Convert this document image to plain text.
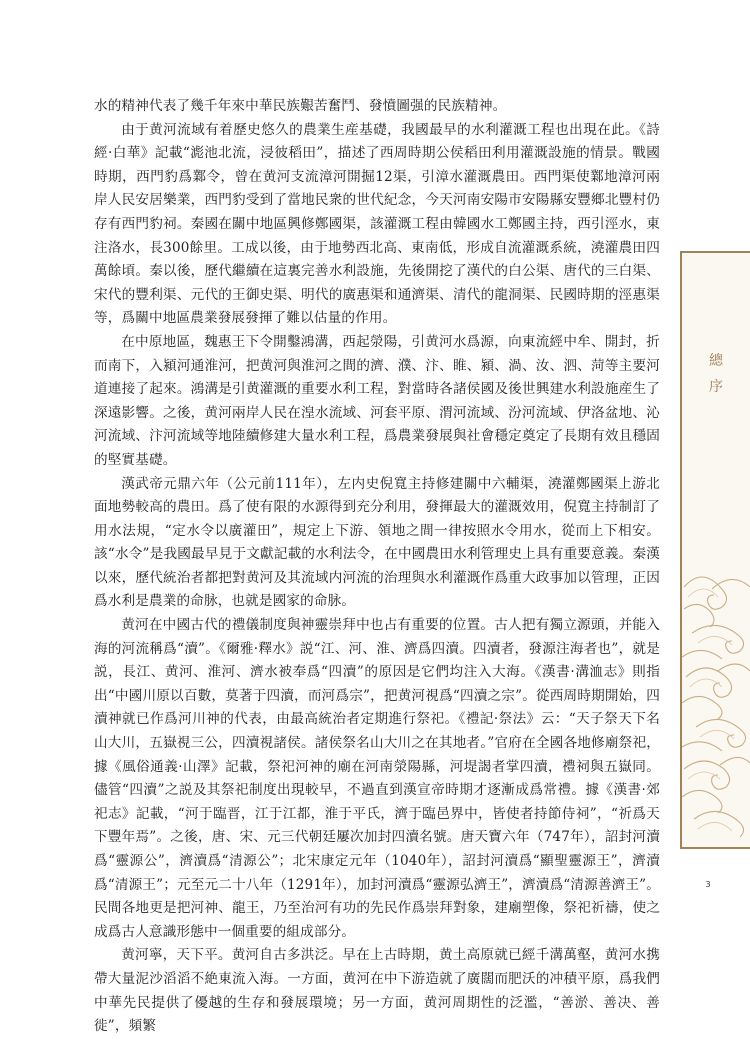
水的精神代表了幾千年來中華民族艱苦奮鬥、發憤圖强的民族精神。

由于黄河流域有着歷史悠久的農業生産基礎，我國最早的水利灌溉工程也出現在此。《詩經·白華》記載“滮池北流，浸彼稻田”，描述了西周時期公侯稻田利用灌溉設施的情景。戰國時期，西門豹爲鄴令，曾在黄河支流漳河開掘12渠，引漳水灌溉農田。西門渠使鄴地漳河兩岸人民安居樂業，西門豹受到了當地民衆的世代紀念，今天河南安陽市安陽縣安豐鄉北豐村仍存有西門豹祠。秦國在關中地區興修鄭國渠，該灌溉工程由韓國水工鄭國主持，西引涇水，東注洛水，長300餘里。工成以後，由于地勢西北高、東南低，形成自流灌溉系統，澆灌農田四萬餘頃。秦以後，歷代繼續在這裏完善水利設施，先後開挖了漢代的白公渠、唐代的三白渠、宋代的豐利渠、元代的王御史渠、明代的廣惠渠和通濟渠、清代的龍洞渠、民國時期的涇惠渠等，爲關中地區農業發展發揮了難以估量的作用。

在中原地區，魏惠王下令開鑿鴻溝，西起滎陽，引黄河水爲源，向東流經中牟、開封，折而南下，入潁河通淮河，把黄河與淮河之間的濟、濮、汴、睢、潁、渦、汝、泗、菏等主要河道連接了起來。鴻溝是引黄灌溉的重要水利工程，對當時各諸侯國及後世興建水利設施産生了深遠影響。之後，黄河兩岸人民在湟水流域、河套平原、渭河流域、汾河流域、伊洛盆地、沁河流域、汴河流域等地陸續修建大量水利工程，爲農業發展與社會穩定奠定了長期有效且穩固的堅實基礎。

漢武帝元鼎六年（公元前111年），左内史倪寬主持修建關中六輔渠，澆灌鄭國渠上游北面地勢較高的農田。爲了使有限的水源得到充分利用，發揮最大的灌溉效用，倪寬主持制訂了用水法規，“定水令以廣灌田”，規定上下游、領地之間一律按照水令用水，從而上下相安。該“水令”是我國最早見于文獻記載的水利法令，在中國農田水利管理史上具有重要意義。秦漢以來，歷代統治者都把對黄河及其流域内河流的治理與水利灌溉作爲重大政事加以管理，正因爲水利是農業的命脉，也就是國家的命脉。

黄河在中國古代的禮儀制度與神靈崇拜中也占有重要的位置。古人把有獨立源頭，并能入海的河流稱爲“瀆”。《爾雅·釋水》説“江、河、淮、濟爲四瀆。四瀆者，發源注海者也”，就是説，長江、黄河、淮河、濟水被奉爲“四瀆”的原因是它們均注入大海。《漢書·溝洫志》則指出“中國川原以百數，莫著于四瀆，而河爲宗”，把黄河視爲“四瀆之宗”。從西周時期開始，四瀆神就已作爲河川神的代表，由最高統治者定期進行祭祀。《禮記·祭法》云：“天子祭天下名山大川，五嶽視三公，四瀆視諸侯。諸侯祭名山大川之在其地者。”官府在全國各地修廟祭祀，據《風俗通義·山澤》記載，祭祀河神的廟在河南滎陽縣，河堤謁者掌四瀆，禮祠與五嶽同。儘管“四瀆”之説及其祭祀制度出現較早，不過直到漢宣帝時期才逐漸成爲常禮。據《漢書·郊祀志》記載，“河于臨晋，江于江都，淮于平氏，濟于臨邑界中，皆使者持節侍祠”，“祈爲天下豐年焉”。之後，唐、宋、元三代朝廷屢次加封四瀆名號。唐天寶六年（747年），詔封河瀆爲“靈源公”，濟瀆爲“清源公”；北宋康定元年（1040年），詔封河瀆爲“顯聖靈源王”，濟瀆爲“清源王”；元至元二十八年（1291年），加封河瀆爲“靈源弘濟王”，濟瀆爲“清源善濟王”。民間各地更是把河神、龍王，乃至治河有功的先民作爲崇拜對象，建廟塑像，祭祀祈禱，使之成爲古人意識形態中一個重要的組成部分。

黄河寧，天下平。黄河自古多洪泛。早在上古時期，黄土高原就已經千溝萬壑，黄河水携帶大量泥沙滔滔不絶東流入海。一方面，黄河在中下游造就了廣闊而肥沃的冲積平原，爲我們中華先民提供了優越的生存和發展環境；另一方面，黄河周期性的泛濫，“善淤、善决、善徙”，頻繁

總
序
3
